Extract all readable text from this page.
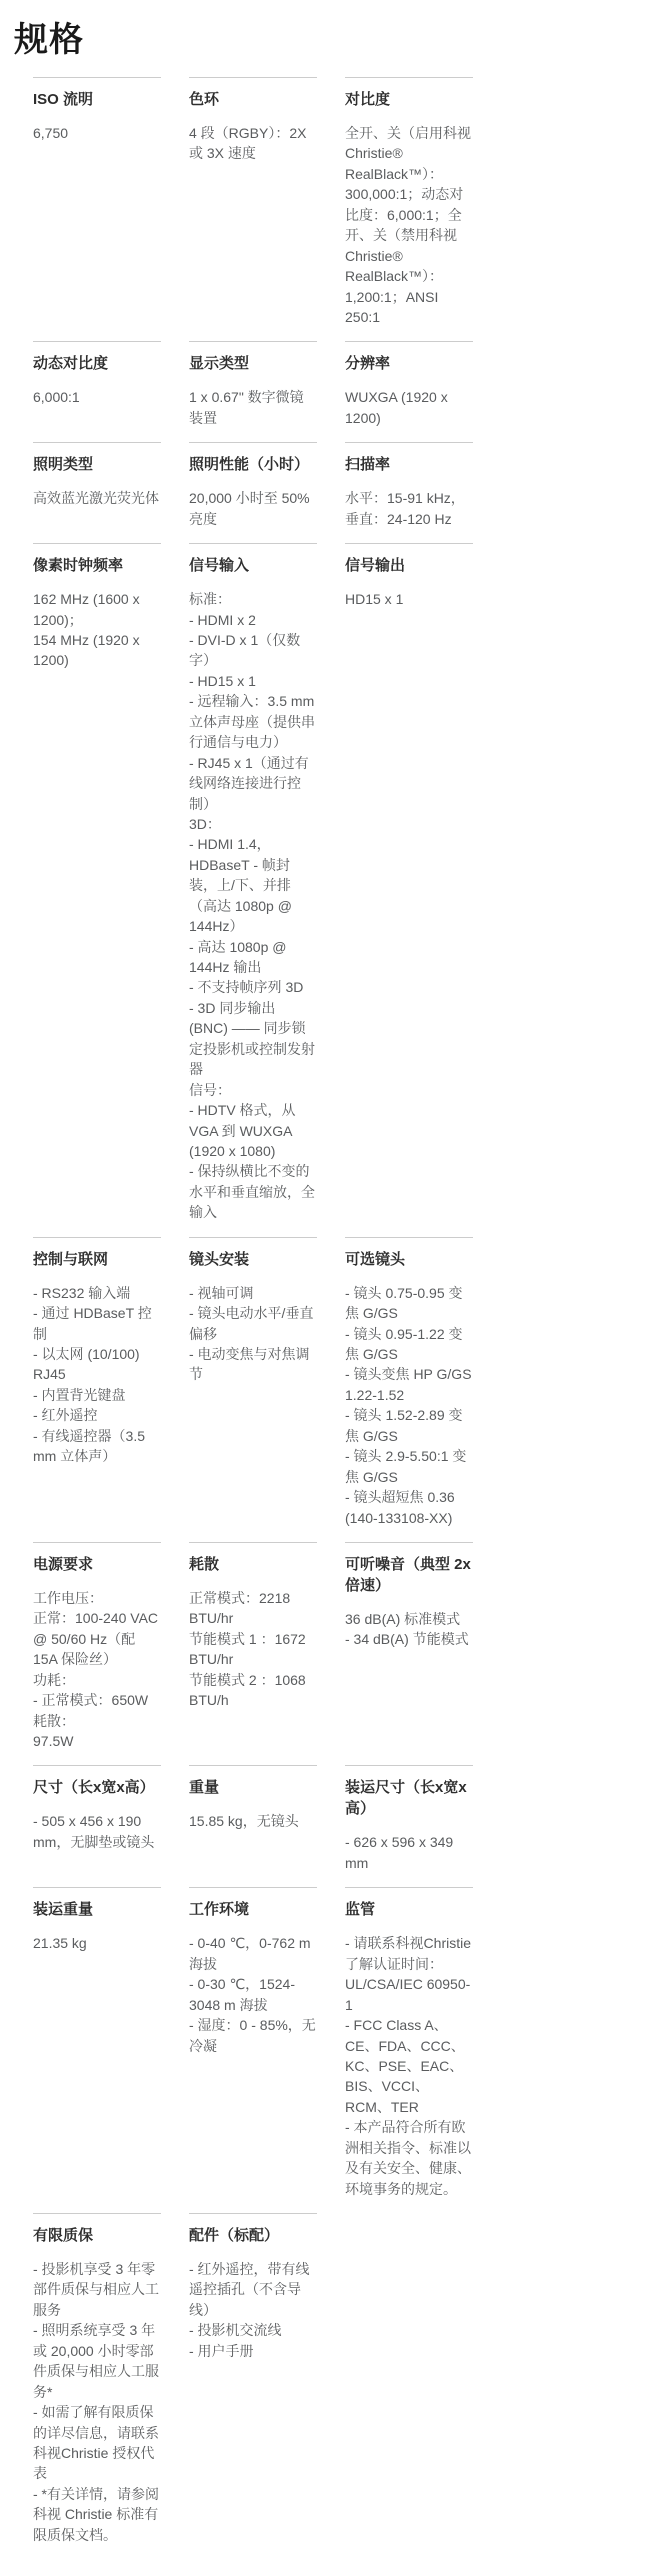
规格
ISO 流明
6,750
色环
4 段（RGBY）：2X 或 3X 速度
对比度
全开、关（启用科视 Christie® RealBlack™）：300,000:1；动态对比度：6,000:1；全开、关（禁用科视Christie® RealBlack™）：1,200:1；ANSI 250:1
动态对比度
6,000:1
显示类型
1 x 0.67" 数字微镜装置
分辨率
WUXGA (1920 x 1200)
照明类型
高效蓝光激光荧光体
照明性能（小时）
20,000 小时至 50% 亮度
扫描率
水平：15-91 kHz，垂直：24-120 Hz
像素时钟频率
162 MHz (1600 x 1200)；
154 MHz (1920 x 1200)
信号输入
标准：
- HDMI x 2
- DVI-D x 1（仅数字）
- HD15 x 1
- 远程输入：3.5 mm 立体声母座（提供串行通信与电力）
- RJ45 x 1（通过有线网络连接进行控制）
3D：
- HDMI 1.4，HDBaseT - 帧封装，上/下、并排（高达 1080p @ 144Hz）
- 高达 1080p @ 144Hz 输出
- 不支持帧序列 3D
- 3D 同步输出 (BNC) —— 同步锁定投影机或控制发射器
信号：
- HDTV 格式，从 VGA 到 WUXGA (1920 x 1080)
- 保持纵横比不变的水平和垂直缩放，全输入
信号输出
HD15 x 1
控制与联网
- RS232 输入端
- 通过 HDBaseT 控制
- 以太网 (10/100) RJ45
- 内置背光键盘
- 红外遥控
- 有线遥控器（3.5 mm 立体声）
镜头安装
- 视轴可调
- 镜头电动水平/垂直偏移
- 电动变焦与对焦调节
可选镜头
- 镜头 0.75-0.95 变焦 G/GS
- 镜头 0.95-1.22 变焦 G/GS
- 镜头变焦 HP G/GS 1.22-1.52
- 镜头 1.52-2.89 变焦 G/GS
- 镜头 2.9-5.50:1 变焦 G/GS
- 镜头超短焦 0.36 (140-133108-XX)
电源要求
工作电压：
正常：100-240 VAC @ 50/60 Hz（配 15A 保险丝）
功耗：
- 正常模式：650W
耗散：
97.5W
耗散
正常模式：2218 BTU/hr
节能模式 1 ：1672 BTU/hr
节能模式 2 ：1068 BTU/h
可听噪音（典型 2x 倍速）
36 dB(A) 标准模式
- 34 dB(A) 节能模式
尺寸（长x宽x高）
- 505 x 456 x 190 mm，无脚垫或镜头
重量
15.85 kg，无镜头
装运尺寸（长x宽x高）
- 626 x 596 x 349 mm
装运重量
21.35 kg
工作环境
- 0-40 ℃，0-762 m 海拔
- 0-30 ℃，1524-3048 m 海拔
- 湿度：0 - 85%，无冷凝
监管
- 请联系科视Christie 了解认证时间：UL/CSA/IEC 60950-1
- FCC Class A、CE、FDA、CCC、KC、PSE、EAC、BIS、VCCI、RCM、TER
- 本产品符合所有欧洲相关指令、标准以及有关安全、健康、环境事务的规定。
有限质保
- 投影机享受 3 年零部件质保与相应人工服务
- 照明系统享受 3 年或 20,000 小时零部件质保与相应人工服务*
- 如需了解有限质保的详尽信息，请联系科视Christie 授权代表
- *有关详情，请参阅科视 Christie 标准有限质保文档。
配件（标配）
- 红外遥控，带有线遥控插孔（不含导线）
- 投影机交流线
- 用户手册
